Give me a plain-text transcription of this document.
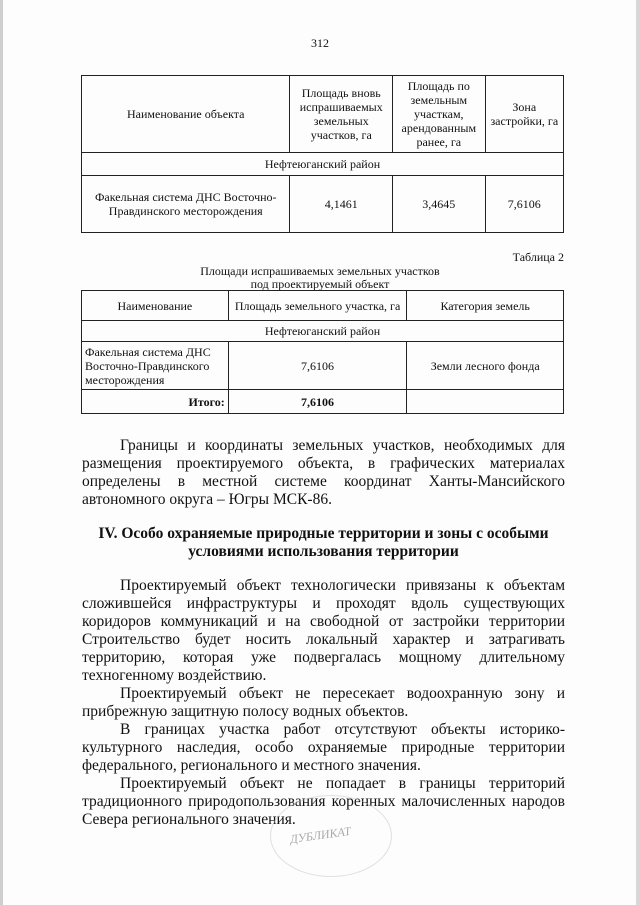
312
Наименование объекта	Площадь вновь испрашиваемых земельных участков, га	Площадь по земельным участкам, арендованным ранее, га	Зона застройки, га
Нефтеюганский район			
Факельная система ДНС Восточно-Правдинского месторождения	4,1461	3,4645	7,6106
Таблица 2
Площади испрашиваемых земельных участков
под проектируемый объект
Наименование	Площадь земельного участка, га	Категория земель
Нефтеюганский район		
Факельная система ДНС Восточно-Правдинского месторождения	7,6106	Земли лесного фонда
Итого:	7,6106	

Границы и координаты земельных участков, необходимых для размещения проектируемого объекта, в графических материалах определены в местной системе координат Ханты-Мансийского автономного округа – Югры МСК-86.

IV. Особо охраняемые природные территории и зоны с особыми
условиями использования территории

Проектируемый объект технологически привязаны к объектам сложившейся инфраструктуры и проходят вдоль существующих коридоров коммуникаций и на свободной от застройки территории Строительство будет носить локальный характер и затрагивать территорию, которая уже подвергалась мощному длительному техногенному воздействию.

Проектируемый объект не пересекает водоохранную зону и прибрежную защитную полосу водных объектов.

В границах участка работ отсутствуют объекты историко-культурного наследия, особо охраняемые природные территории федерального, регионального и местного значения.

Проектируемый объект не попадает в границы территорий традиционного природопользования коренных малочисленных народов Севера регионального значения.

ДУБЛИКАТ
